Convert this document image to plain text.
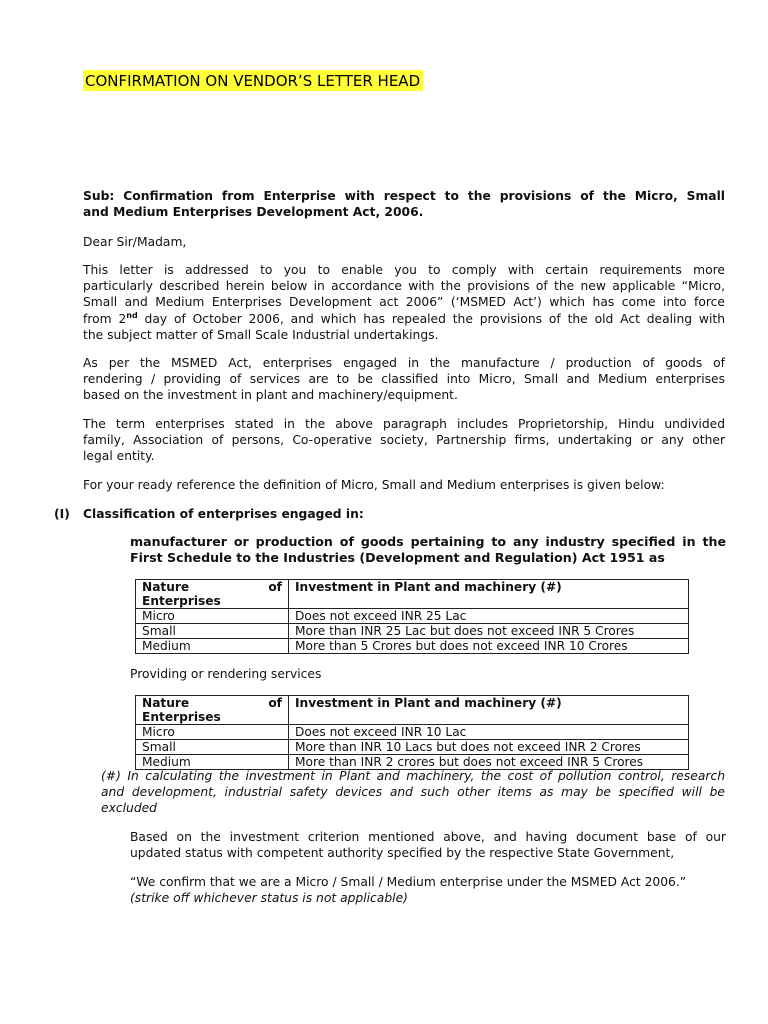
CONFIRMATION ON VENDOR’S LETTER HEAD
Sub: Confirmation from Enterprise with respect to the provisions of the Micro, Small
and Medium Enterprises Development Act, 2006.
Dear Sir/Madam,
This letter is addressed to you to enable you to comply with certain requirements more
particularly described herein below in accordance with the provisions of the new applicable “Micro,
Small and Medium Enterprises Development act 2006” (‘MSMED Act’) which has come into force
from 2nd day of October 2006, and which has repealed the provisions of the old Act dealing with
the subject matter of Small Scale Industrial undertakings.
As per the MSMED Act, enterprises engaged in the manufacture / production of goods of
rendering / providing of services are to be classified into Micro, Small and Medium enterprises
based on the investment in plant and machinery/equipment.
The term enterprises stated in the above paragraph includes Proprietorship, Hindu undivided
family, Association of persons, Co-operative society, Partnership firms, undertaking or any other
legal entity.
For your ready reference the definition of Micro, Small and Medium enterprises is given below:
(I) Classification of enterprises engaged in:
manufacturer or production of goods pertaining to any industry specified in the
First Schedule to the Industries (Development and Regulation) Act 1951 as
Nature of
Enterprises	Investment in Plant and machinery (#)
Micro	Does not exceed INR 25 Lac
Small	More than INR 25 Lac but does not exceed INR 5 Crores
Medium	More than 5 Crores but does not exceed INR 10 Crores
Providing or rendering services
Nature of
Enterprises	Investment in Plant and machinery (#)
Micro	Does not exceed INR 10 Lac
Small	More than INR 10 Lacs but does not exceed INR 2 Crores
Medium	More than INR 2 crores but does not exceed INR 5 Crores
(#) In calculating the investment in Plant and machinery, the cost of pollution control, research
and development, industrial safety devices and such other items as may be specified will be
excluded
Based on the investment criterion mentioned above, and having document base of our
updated status with competent authority specified by the respective State Government,
“We confirm that we are a Micro / Small / Medium enterprise under the MSMED Act 2006.”
(strike off whichever status is not applicable)
